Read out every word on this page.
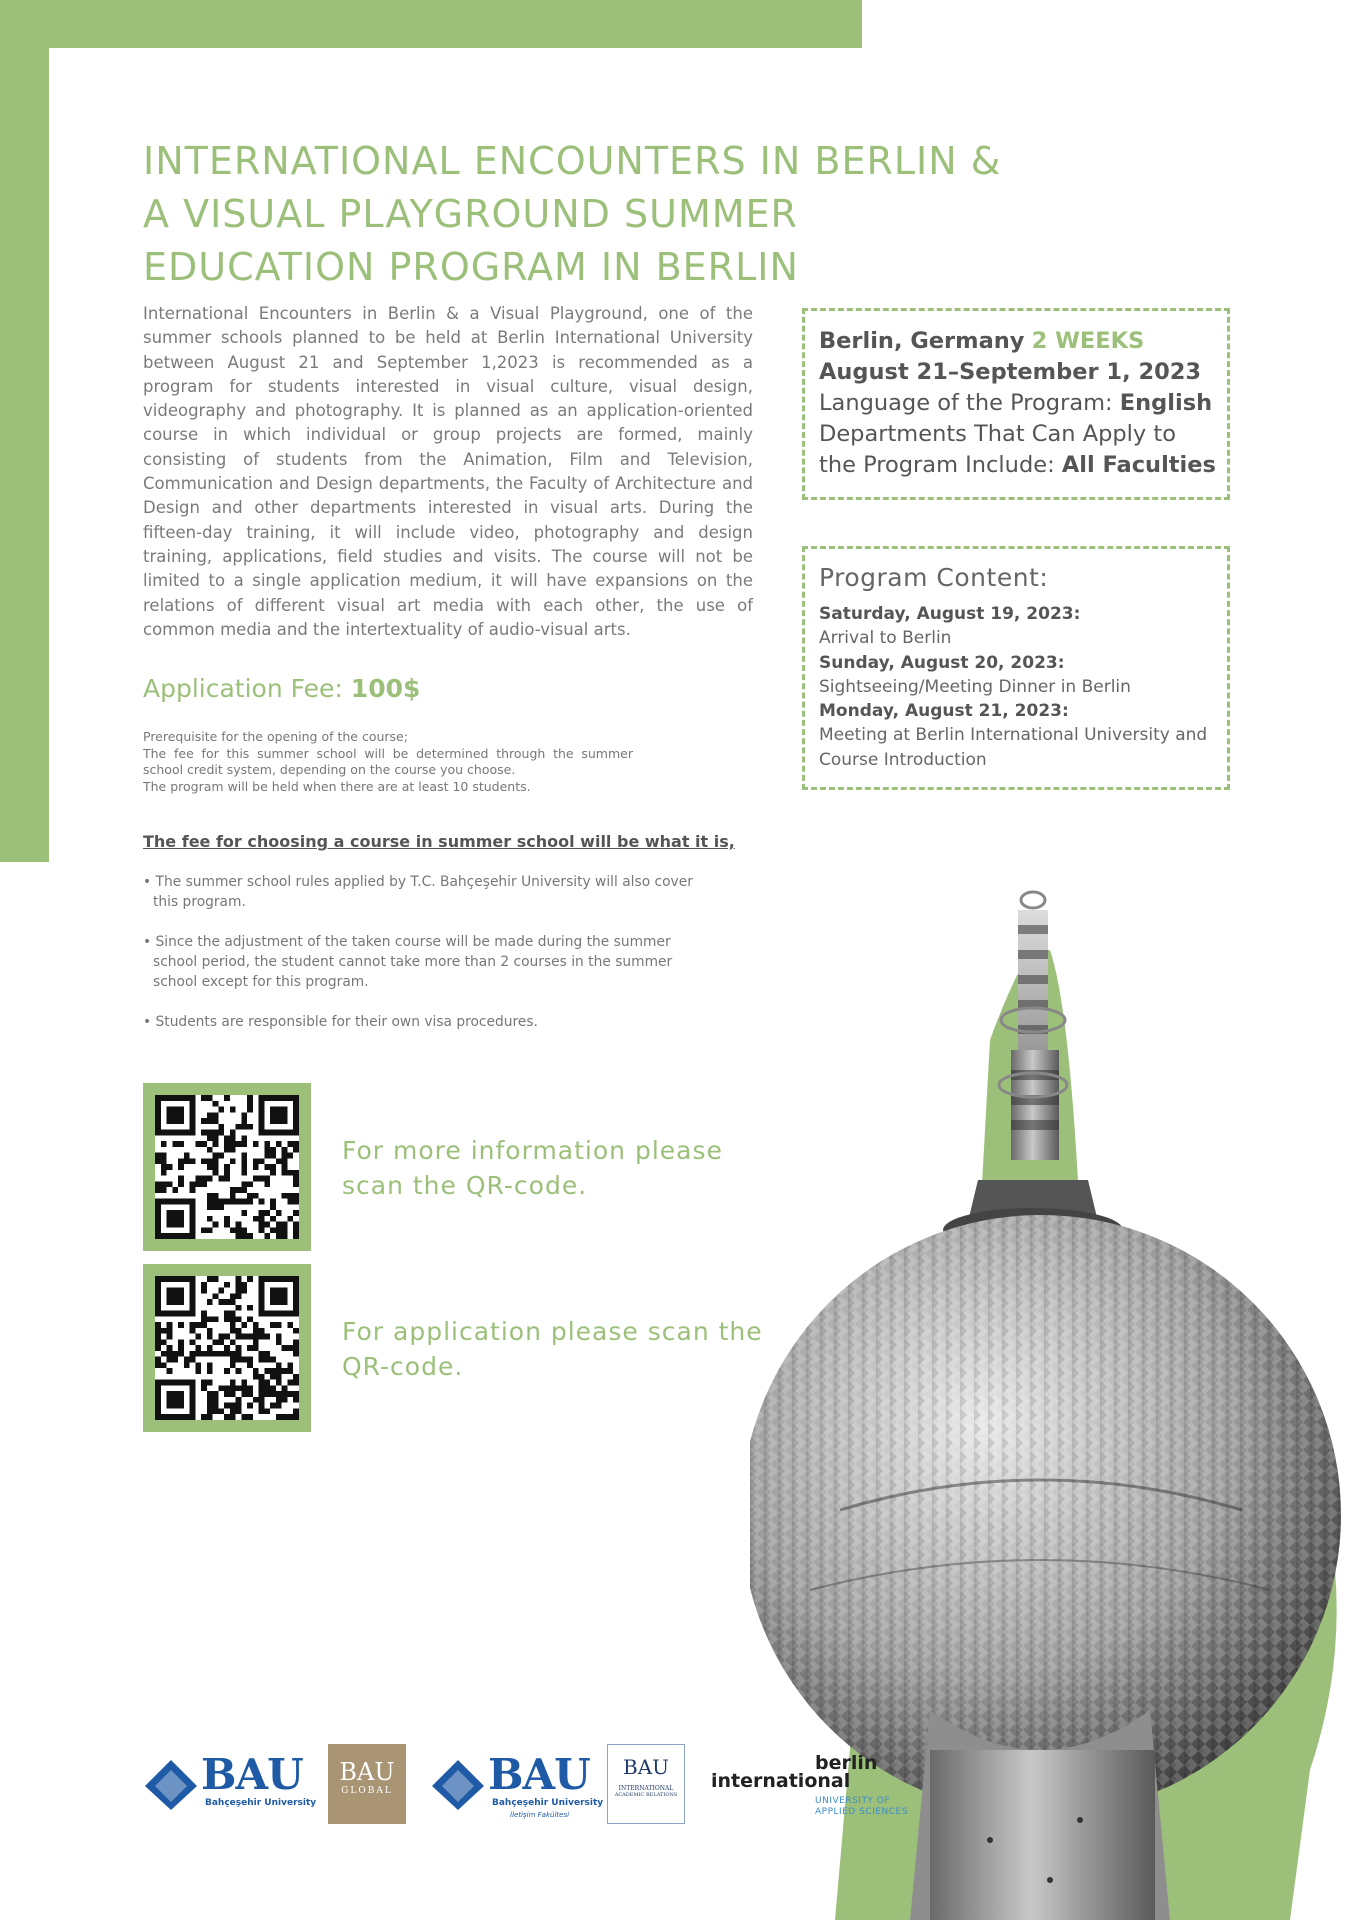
INTERNATIONAL ENCOUNTERS IN BERLIN &
A VISUAL PLAYGROUND SUMMER
EDUCATION PROGRAM IN BERLIN

International Encounters in Berlin & a Visual Playground, one of the summer schools planned to be held at Berlin International University between August 21 and September 1,2023 is recommended as a program for students interested in visual culture, visual design, videography and photography. It is planned as an application-oriented course in which individual or group projects are formed, mainly consisting of students from the Animation, Film and Television, Communication and Design departments, the Faculty of Architecture and Design and other departments interested in visual arts. During the fifteen-day training, it will include video, photography and design training, applications, field studies and visits. The course will not be limited to a single application medium, it will have expansions on the relations of different visual art media with each other, the use of common media and the intertextuality of audio-visual arts.

Application Fee: 100$
Prerequisite for the opening of the course;
The fee for this summer school will be determined through the summer school credit system, depending on the course you choose.
The program will be held when there are at least 10 students.
The fee for choosing a course in summer school will be what it is,
• The summer school rules applied by T.C. Bahçeşehir University will also cover this program.
• Since the adjustment of the taken course will be made during the summer school period, the student cannot take more than 2 courses in the summer school except for this program.
• Students are responsible for their own visa procedures.
Berlin, Germany 2 WEEKS
August 21–September 1, 2023
Language of the Program: English
Departments That Can Apply to
the Program Include: All Faculties
Program Content:
Saturday, August 19, 2023:
Arrival to Berlin
Sunday, August 20, 2023:
Sightseeing/Meeting Dinner in Berlin
Monday, August 21, 2023:
Meeting at Berlin International University and Course Introduction
For more information please scan the QR-code.
For application please scan the QR-code.
BAU
Bahçeşehir University
BAU
GLOBAL	BAU
Bahçeşehir University
İletişim Fakültesi
BAU
INTERNATIONAL
ACADEMIC RELATIONS
berlin
international
UNIVERSITY OF
APPLIED SCIENCES
